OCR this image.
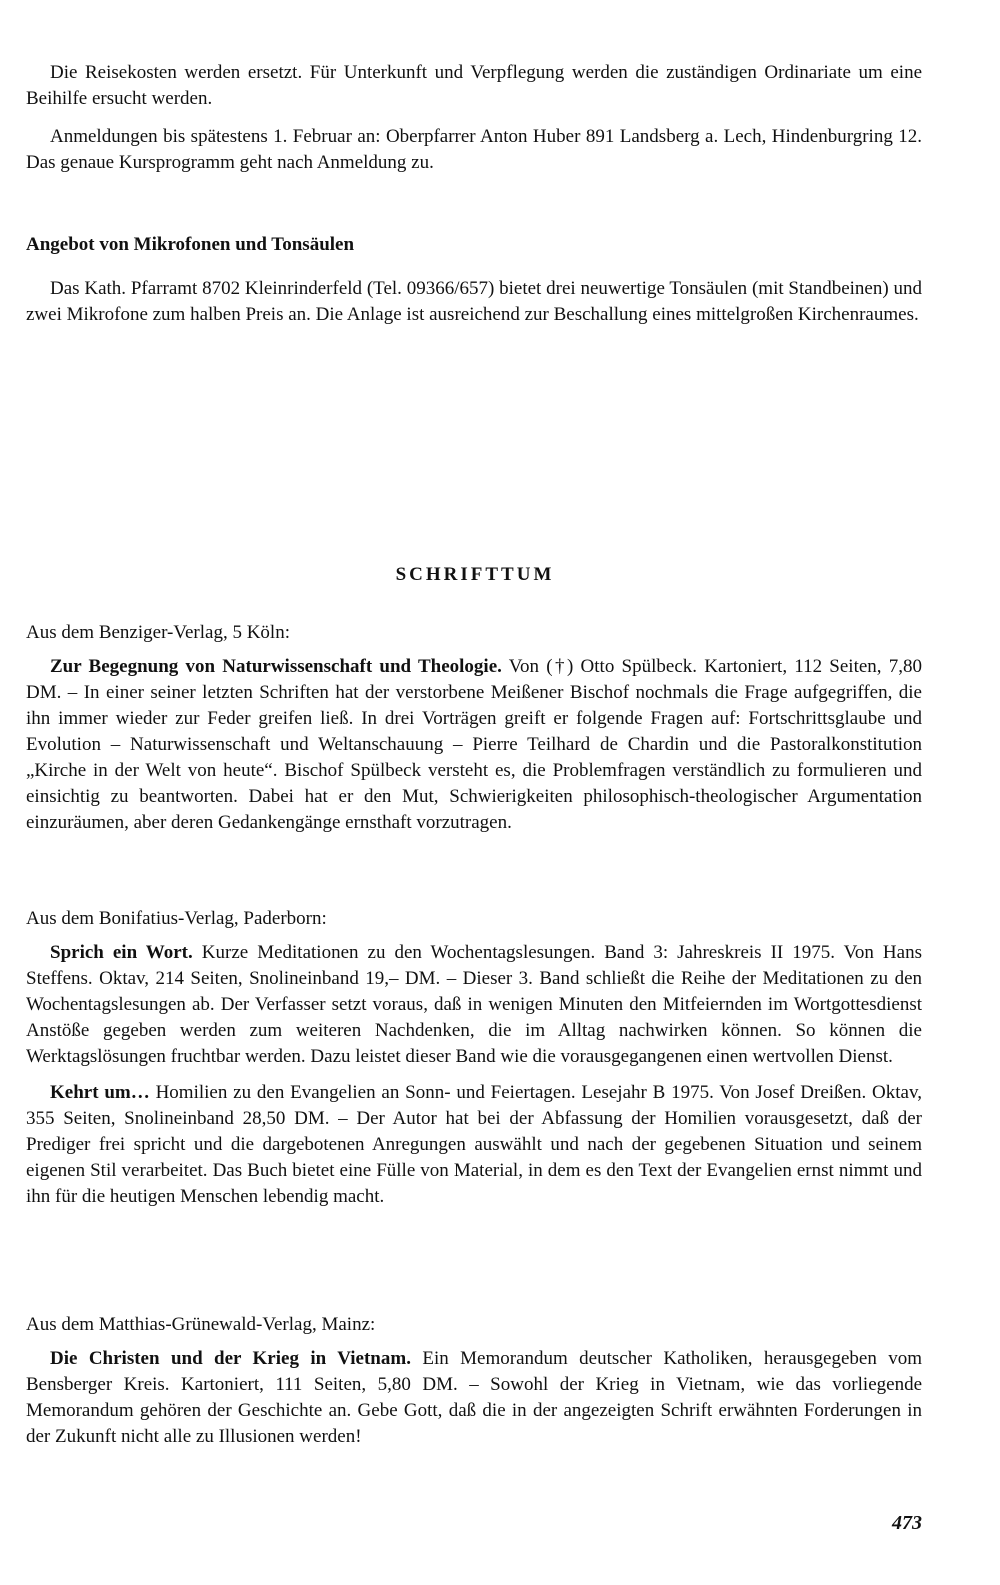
Die Reisekosten werden ersetzt. Für Unterkunft und Verpflegung werden die zuständigen Ordinariate um eine Beihilfe ersucht werden.

Anmeldungen bis spätestens 1. Februar an: Oberpfarrer Anton Huber 891 Landsberg a. Lech, Hindenburgring 12. Das genaue Kursprogramm geht nach Anmeldung zu.

Angebot von Mikrofonen und Tonsäulen

Das Kath. Pfarramt 8702 Kleinrinderfeld (Tel. 09366/657) bietet drei neuwertige Tonsäulen (mit Standbeinen) und zwei Mikrofone zum halben Preis an. Die Anlage ist ausreichend zur Beschallung eines mittelgroßen Kirchenraumes.

SCHRIFTTUM

Aus dem Benziger-Verlag, 5 Köln:

Zur Begegnung von Naturwissenschaft und Theologie. Von (†) Otto Spülbeck. Kartoniert, 112 Seiten, 7,80 DM. – In einer seiner letzten Schriften hat der verstorbene Meißener Bischof nochmals die Frage aufgegriffen, die ihn immer wieder zur Feder greifen ließ. In drei Vorträgen greift er folgende Fragen auf: Fortschrittsglaube und Evolution – Naturwissenschaft und Weltanschauung – Pierre Teilhard de Chardin und die Pastoralkonstitution „Kirche in der Welt von heute“. Bischof Spülbeck versteht es, die Problemfragen verständlich zu formulieren und einsichtig zu beantworten. Dabei hat er den Mut, Schwierigkeiten philosophisch-theologischer Argumentation einzuräumen, aber deren Gedankengänge ernsthaft vorzutragen.

Aus dem Bonifatius-Verlag, Paderborn:

Sprich ein Wort. Kurze Meditationen zu den Wochentagslesungen. Band 3: Jahreskreis II 1975. Von Hans Steffens. Oktav, 214 Seiten, Snolineinband 19,– DM. – Dieser 3. Band schließt die Reihe der Meditationen zu den Wochentagslesungen ab. Der Verfasser setzt voraus, daß in wenigen Minuten den Mitfeiernden im Wortgottesdienst Anstöße gegeben werden zum weiteren Nachdenken, die im Alltag nachwirken können. So können die Werktagslösungen fruchtbar werden. Dazu leistet dieser Band wie die vorausgegangenen einen wertvollen Dienst.

Kehrt um… Homilien zu den Evangelien an Sonn- und Feiertagen. Lesejahr B 1975. Von Josef Dreißen. Oktav, 355 Seiten, Snolineinband 28,50 DM. – Der Autor hat bei der Abfassung der Homilien vorausgesetzt, daß der Prediger frei spricht und die dargebotenen Anregungen auswählt und nach der gegebenen Situation und seinem eigenen Stil verarbeitet. Das Buch bietet eine Fülle von Material, in dem es den Text der Evangelien ernst nimmt und ihn für die heutigen Menschen lebendig macht.

Aus dem Matthias-Grünewald-Verlag, Mainz:

Die Christen und der Krieg in Vietnam. Ein Memorandum deutscher Katholiken, herausgegeben vom Bensberger Kreis. Kartoniert, 111 Seiten, 5,80 DM. – Sowohl der Krieg in Vietnam, wie das vorliegende Memorandum gehören der Geschichte an. Gebe Gott, daß die in der angezeigten Schrift erwähnten Forderungen in der Zukunft nicht alle zu Illusionen werden!

473
